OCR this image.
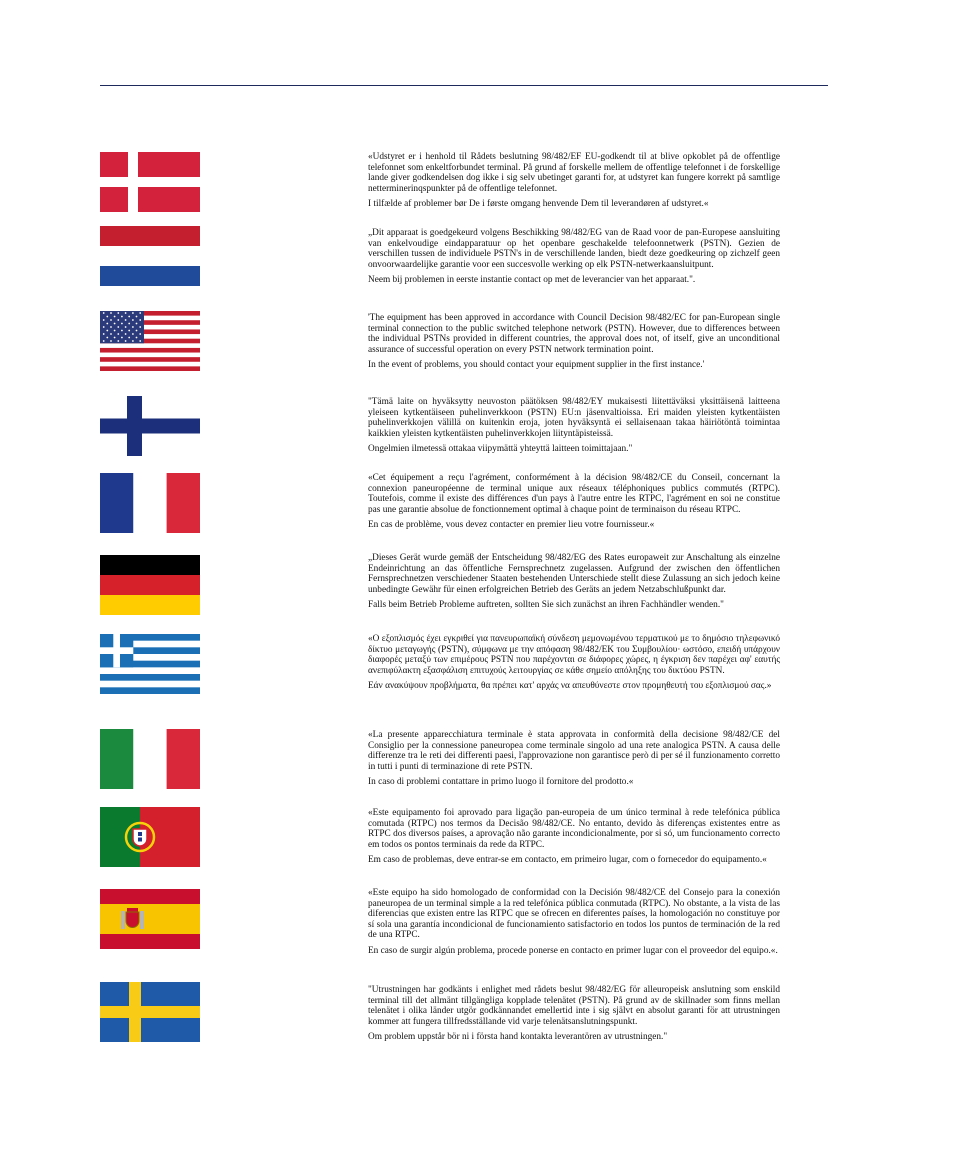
«Udstyret er i henhold til Rådets beslutning 98/482/EF EU-godkendt til at blive opkoblet på de offentlige telefonnet som enkeltforbundet terminal. På grund af forskelle mellem de offentlige telefonnet i de forskellige lande giver godkendelsen dog ikke i sig selv ubetinget garanti for, at udstyret kan fungere korrekt på samtlige netterminerinqspunkter på de offentlige telefonnet.

I tilfælde af problemer bør De i første omgang henvende Dem til leverandøren af udstyret.«

„Dit apparaat is goedgekeurd volgens Beschikking 98/482/EG van de Raad voor de pan-Europese aansluiting van enkelvoudige eindapparatuur op het openbare geschakelde telefoonnetwerk (PSTN). Gezien de verschillen tussen de individuele PSTN's in de verschillende landen, biedt deze goedkeuring op zichzelf geen onvoorwaardelijke garantie voor een succesvolle werking op elk PSTN-netwerkaansluitpunt.

Neem bij problemen in eerste instantie contact op met de leverancier van het apparaat.".

'The equipment has been approved in accordance with Council Decision 98/482/EC for pan-European single terminal connection to the public switched telephone network (PSTN). However, due to differences between the individual PSTNs provided in different countries, the approval does not, of itself, give an unconditional assurance of successful operation on every PSTN network termination point.

In the event of problems, you should contact your equipment supplier in the first instance.'

"Tämä laite on hyväksytty neuvoston päätöksen 98/482/EY mukaisesti liitettäväksi yksittäisenä laitteena yleiseen kytkentäiseen puhelinverkkoon (PSTN) EU:n jäsenvaltioissa. Eri maiden yleisten kytkentäisten puhelinverkkojen välillä on kuitenkin eroja, joten hyväksyntä ei sellaisenaan takaa häiriötöntä toimintaa kaikkien yleisten kytkentäisten puhelinverkkojen liityntäpisteissä.

Ongelmien ilmetessä ottakaa viipymättä yhteyttä laitteen toimittajaan."

«Cet équipement a reçu l'agrément, conformément à la décision 98/482/CE du Conseil, concernant la connexion paneuropéenne de terminal unique aux réseaux téléphoniques publics commutés (RTPC). Toutefois, comme il existe des différences d'un pays à l'autre entre les RTPC, l'agrément en soi ne constitue pas une garantie absolue de fonctionnement optimal à chaque point de terminaison du réseau RTPC.

En cas de problème, vous devez contacter en premier lieu votre fournisseur.«

„Dieses Gerät wurde gemäß der Entscheidung 98/482/EG des Rates europaweit zur Anschaltung als einzelne Endeinrichtung an das öffentliche Fernsprechnetz zugelassen. Aufgrund der zwischen den öffentlichen Fernsprechnetzen verschiedener Staaten bestehenden Unterschiede stellt diese Zulassung an sich jedoch keine unbedingte Gewähr für einen erfolgreichen Betrieb des Geräts an jedem Netzabschlußpunkt dar.

Falls beim Betrieb Probleme auftreten, sollten Sie sich zunächst an ihren Fachhändler wenden."

«Ο εξοπλισμός έχει εγκριθεί για πανευρωπαϊκή σύνδεση μεμονωμένου τερματικού με το δημόσιο τηλεφωνικό δίκτυο μεταγωγής (PSTN), σύμφωνα με την απόφαση 98/482/ΕΚ του Συμβουλίου· ωστόσο, επειδή υπάρχουν διαφορές μεταξύ των επιμέρους PSTN που παρέχονται σε διάφορες χώρες, η έγκριση δεν παρέχει αφ' εαυτής ανεπιφύλακτη εξασφάλιση επιτυχούς λειτουργίας σε κάθε σημείο απόληξης του δικτύου PSTN.

Εάν ανακύψουν προβλήματα, θα πρέπει κατ' αρχάς να απευθύνεστε στον προμηθευτή του εξοπλισμού σας.»

«La presente apparecchiatura terminale è stata approvata in conformità della decisione 98/482/CE del Consiglio per la connessione paneuropea come terminale singolo ad una rete analogica PSTN. A causa delle differenze tra le reti dei differenti paesi, l'approvazione non garantisce però di per sé il funzionamento corretto in tutti i punti di terminazione di rete PSTN.

In caso di problemi contattare in primo luogo il fornitore del prodotto.«

«Este equipamento foi aprovado para ligação pan-europeia de um único terminal à rede telefónica pública comutada (RTPC) nos termos da Decisão 98/482/CE. No entanto, devido às diferenças existentes entre as RTPC dos diversos países, a aprovação não garante incondicionalmente, por si só, um funcionamento correcto em todos os pontos terminais da rede da RTPC.

Em caso de problemas, deve entrar-se em contacto, em primeiro lugar, com o fornecedor do equipamento.«

«Este equipo ha sido homologado de conformidad con la Decisión 98/482/CE del Consejo para la conexión paneuropea de un terminal simple a la red telefónica pública conmutada (RTPC). No obstante, a la vista de las diferencias que existen entre las RTPC que se ofrecen en diferentes países, la homologación no constituye por sí sola una garantía incondicional de funcionamiento satisfactorio en todos los puntos de terminación de la red de una RTPC.

En caso de surgir algún problema, procede ponerse en contacto en primer lugar con el proveedor del equipo.«.

"Utrustningen har godkänts i enlighet med rådets beslut 98/482/EG för alleuropeisk anslutning som enskild terminal till det allmänt tillgängliga kopplade telenätet (PSTN). På grund av de skillnader som finns mellan telenätet i olika länder utgör godkännandet emellertid inte i sig självt en absolut garanti för att utrustningen kommer att fungera tillfredsställande vid varje telenätsanslutningspunkt.

Om problem uppstår bör ni i första hand kontakta leverantören av utrustningen."
